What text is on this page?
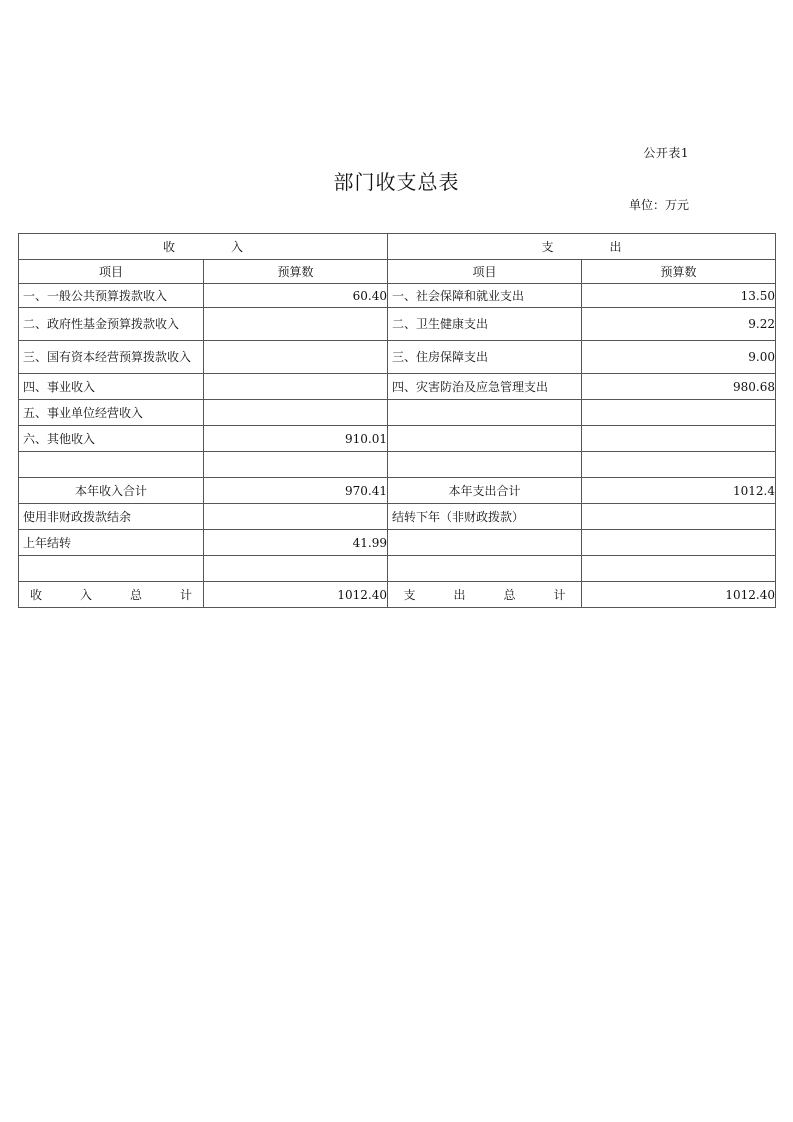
公开表1
部门收支总表
单位：万元
收 入		支 出	
项目	预算数	项目	预算数
一、一般公共预算拨款收入	60.40	一、社会保障和就业支出	13.50
二、政府性基金预算拨款收入		二、卫生健康支出	9.22
三、国有资本经营预算拨款收入		三、住房保障支出	9.00
四、事业收入		四、灾害防治及应急管理支出	980.68
五、事业单位经营收入			
六、其他收入	910.01		

本年收入合计	970.41	本年支出合计	1012.4
使用非财政拨款结余		结转下年（非财政拨款）	
上年结转	41.99		

收 入 总 计	1012.40	支 出 总 计	1012.40
